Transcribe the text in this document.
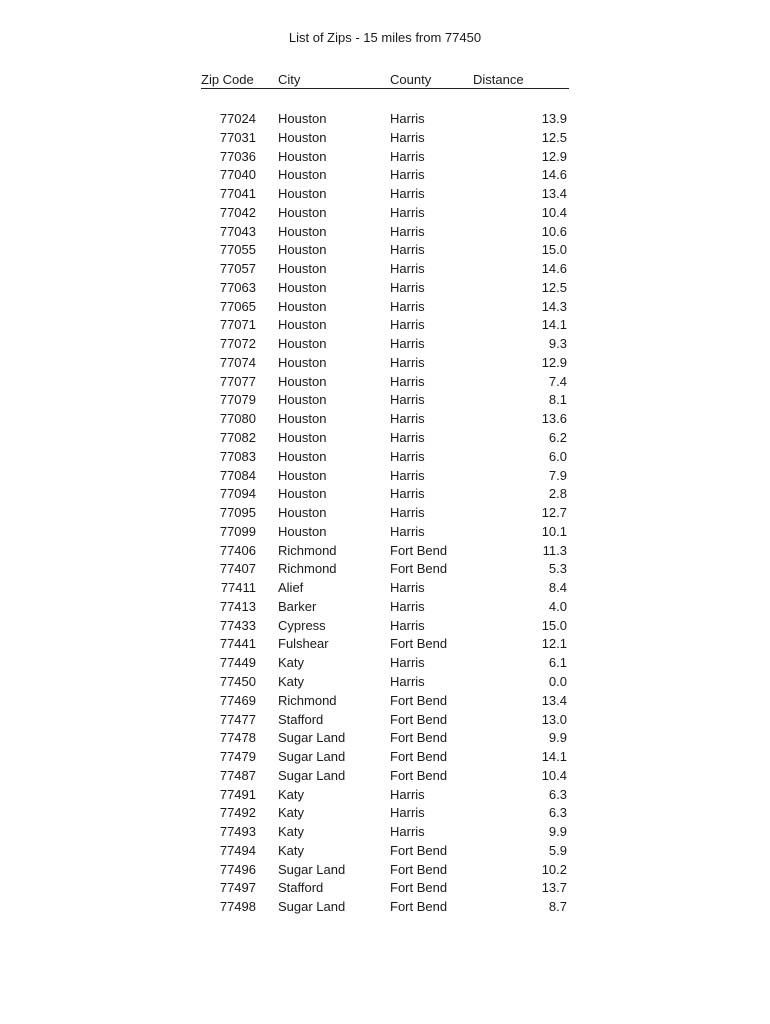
List of Zips - 15 miles from 77450
Zip Code City	County	Distance
77024 Houston	Harris	13.9
77031 Houston	Harris	12.5
77036 Houston	Harris	12.9
77040 Houston	Harris	14.6
77041 Houston	Harris	13.4
77042 Houston	Harris	10.4
77043 Houston	Harris	10.6
77055 Houston	Harris	15.0
77057 Houston	Harris	14.6
77063 Houston	Harris	12.5
77065 Houston	Harris	14.3
77071 Houston	Harris	14.1
77072 Houston	Harris	9.3
77074 Houston	Harris	12.9
77077 Houston	Harris	7.4
77079 Houston	Harris	8.1
77080 Houston	Harris	13.6
77082 Houston	Harris	6.2
77083 Houston	Harris	6.0
77084 Houston	Harris	7.9
77094 Houston	Harris	2.8
77095 Houston	Harris	12.7
77099 Houston	Harris	10.1
77406 Richmond	Fort Bend	11.3
77407 Richmond	Fort Bend	5.3
77411 Alief	Harris	8.4
77413 Barker	Harris	4.0
77433 Cypress	Harris	15.0
77441 Fulshear	Fort Bend	12.1
77449 Katy	Harris	6.1
77450 Katy	Harris	0.0
77469 Richmond	Fort Bend	13.4
77477 Stafford	Fort Bend	13.0
77478 Sugar Land	Fort Bend	9.9
77479 Sugar Land	Fort Bend	14.1
77487 Sugar Land	Fort Bend	10.4
77491 Katy	Harris	6.3
77492 Katy	Harris	6.3
77493 Katy	Harris	9.9
77494 Katy	Fort Bend	5.9
77496 Sugar Land	Fort Bend	10.2
77497 Stafford	Fort Bend	13.7
77498 Sugar Land	Fort Bend	8.7
